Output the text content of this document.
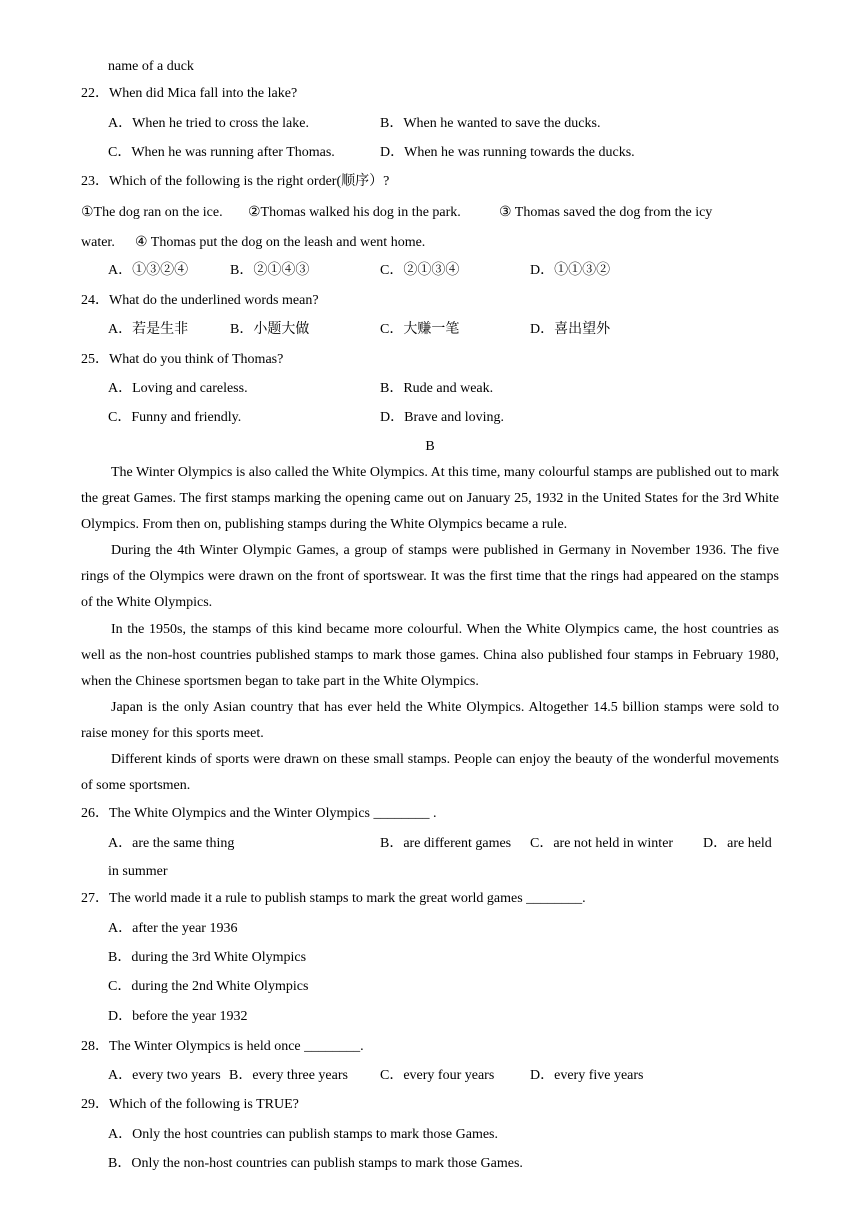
name of a duck
22．When did Mica fall into the lake?
A．When he tried to cross the lake.	B．When he wanted to save the ducks.
C．When he was running after Thomas.	D．When he was running towards the ducks.
23．Which of the following is the right order(顺序）?
①The dog ran on the ice. ②Thomas walked his dog in the park.	③ Thomas saved the dog from the icy
water. ④ Thomas put the dog on the leash and went home.
A．①③②④	B．②①④③	C．②①③④	D．①①③②
24．What do the underlined words mean?
A．若是生非	B．小题大做	C．大赚一笔	D．喜出望外
25．What do you think of Thomas?
A．Loving and careless.	B．Rude and weak.
C．Funny and friendly.	D．Brave and loving.
B

The Winter Olympics is also called the White Olympics. At this time, many colourful stamps are published out to mark the great Games. The first stamps marking the opening came out on January 25, 1932 in the United States for the 3rd White Olympics. From then on, publishing stamps during the White Olympics became a rule.

During the 4th Winter Olympic Games, a group of stamps were published in Germany in November 1936. The five rings of the Olympics were drawn on the front of sportswear. It was the first time that the rings had appeared on the stamps of the White Olympics.

In the 1950s, the stamps of this kind became more colourful. When the White Olympics came, the host countries as well as the non-host countries published stamps to mark those games. China also published four stamps in February 1980, when the Chinese sportsmen began to take part in the White Olympics.

Japan is the only Asian country that has ever held the White Olympics. Altogether 14.5 billion stamps were sold to raise money for this sports meet.

Different kinds of sports were drawn on these small stamps. People can enjoy the beauty of the wonderful movements of some sportsmen.

26．The White Olympics and the Winter Olympics ________ .
A．are the same thing	B．are different games C．are not held in winter D．are held
in summer
27．The world made it a rule to publish stamps to mark the great world games ________.
A．after the year 1936
B．during the 3rd White Olympics
C．during the 2nd White Olympics
D．before the year 1932
28．The Winter Olympics is held once ________.
A．every two years B．every three years C．every four years	D．every five years
29．Which of the following is TRUE?
A．Only the host countries can publish stamps to mark those Games.
B．Only the non-host countries can publish stamps to mark those Games.
